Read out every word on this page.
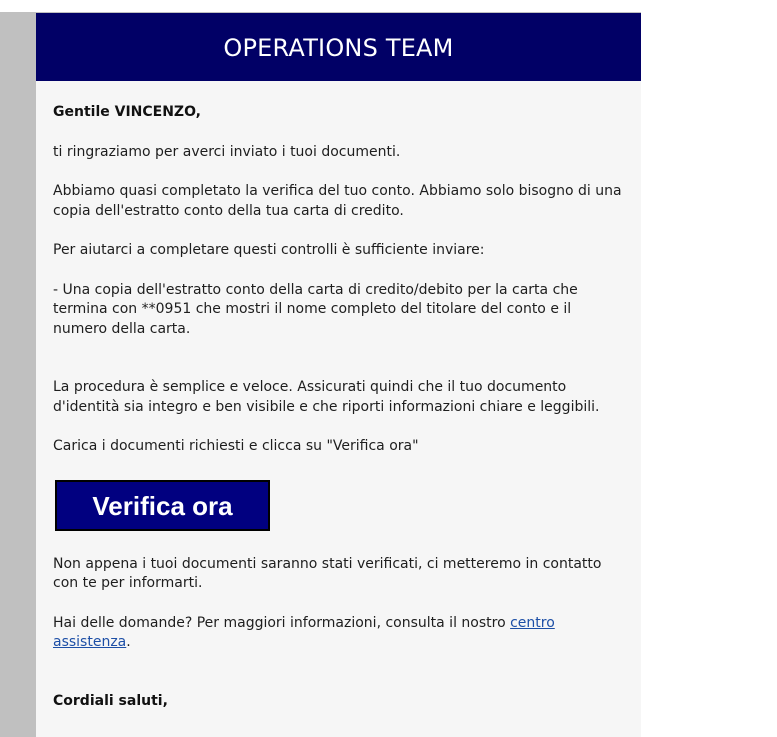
OPERATIONS TEAM

Gentile VINCENZO,

ti ringraziamo per averci inviato i tuoi documenti.

Abbiamo quasi completato la verifica del tuo conto. Abbiamo solo bisogno di una copia dell'estratto conto della tua carta di credito.

Per aiutarci a completare questi controlli è sufficiente inviare:

- Una copia dell'estratto conto della carta di credito/debito per la carta che termina con **0951 che mostri il nome completo del titolare del conto e il numero della carta.

La procedura è semplice e veloce. Assicurati quindi che il tuo documento d'identità sia integro e ben visibile e che riporti informazioni chiare e leggibili.

Carica i documenti richiesti e clicca su "Verifica ora"

Verifica ora

Non appena i tuoi documenti saranno stati verificati, ci metteremo in contatto con te per informarti.

Hai delle domande? Per maggiori informazioni, consulta il nostro centro assistenza.

Cordiali saluti,
